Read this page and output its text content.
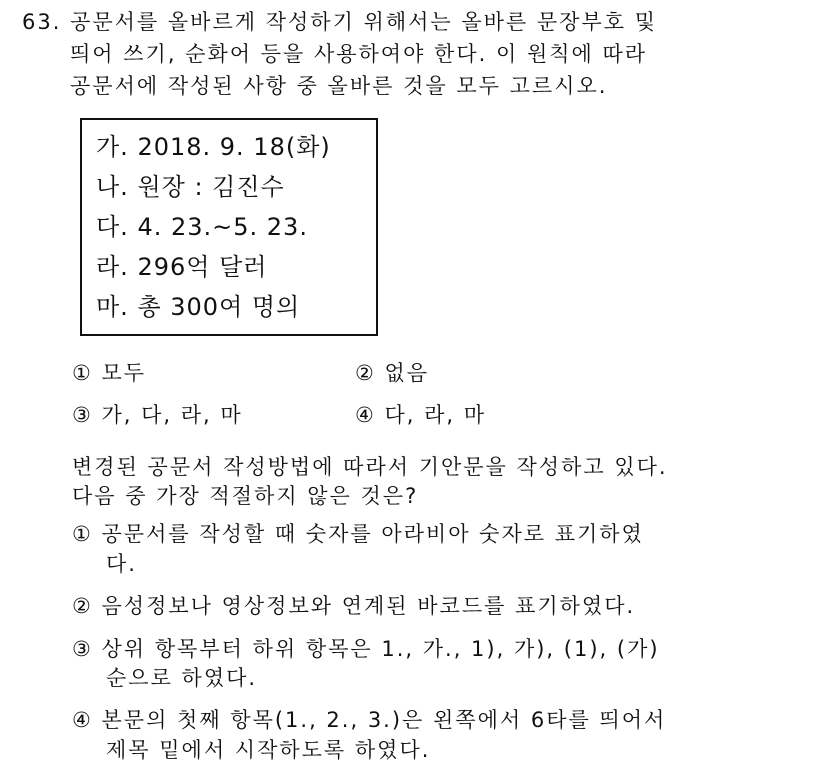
63. 공문서를 올바르게 작성하기 위해서는 올바른 문장부호 및
띄어 쓰기, 순화어 등을 사용하여야 한다. 이 원칙에 따라
공문서에 작성된 사항 중 올바른 것을 모두 고르시오.
가. 2018. 9. 18(화)
나. 원장 : 김진수
다. 4. 23.~5. 23.
라. 296억 달러
마. 총 300여 명의
① 모두	② 없음
③ 가, 다, 라, 마	④ 다, 라, 마
변경된 공문서 작성방법에 따라서 기안문을 작성하고 있다.
다음 중 가장 적절하지 않은 것은?
① 공문서를 작성할 때 숫자를 아라비아 숫자로 표기하였
다.
② 음성정보나 영상정보와 연계된 바코드를 표기하였다.
③ 상위 항목부터 하위 항목은 1., 가., 1), 가), (1), (가)
순으로 하였다.
④ 본문의 첫째 항목(1., 2., 3.)은 왼쪽에서 6타를 띄어서
제목 밑에서 시작하도록 하였다.
